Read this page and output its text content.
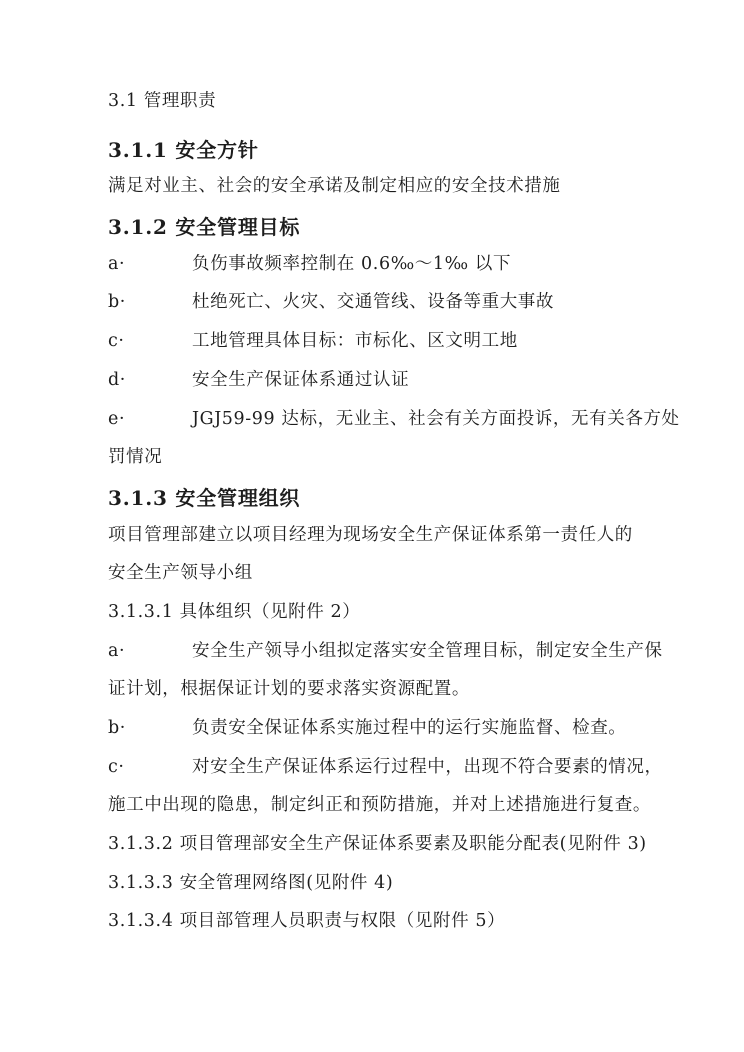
3.1 管理职责
3.1.1 安全方针
满足对业主、社会的安全承诺及制定相应的安全技术措施
3.1.2 安全管理目标
a·	负伤事故频率控制在 0.6‰～1‰ 以下
b·	杜绝死亡、火灾、交通管线、设备等重大事故
c·	工地管理具体目标：市标化、区文明工地
d·	安全生产保证体系通过认证
e·	JGJ59-99 达标，无业主、社会有关方面投诉，无有关各方处
罚情况
3.1.3 安全管理组织
项目管理部建立以项目经理为现场安全生产保证体系第一责任人的
安全生产领导小组
3.1.3.1 具体组织（见附件 2）
a·	安全生产领导小组拟定落实安全管理目标，制定安全生产保
证计划，根据保证计划的要求落实资源配置。
b·	负责安全保证体系实施过程中的运行实施监督、检查。
c·	对安全生产保证体系运行过程中，出现不符合要素的情况，
施工中出现的隐患，制定纠正和预防措施，并对上述措施进行复查。
3.1.3.2 项目管理部安全生产保证体系要素及职能分配表(见附件 3)
3.1.3.3 安全管理网络图(见附件 4)
3.1.3.4 项目部管理人员职责与权限（见附件 5）
